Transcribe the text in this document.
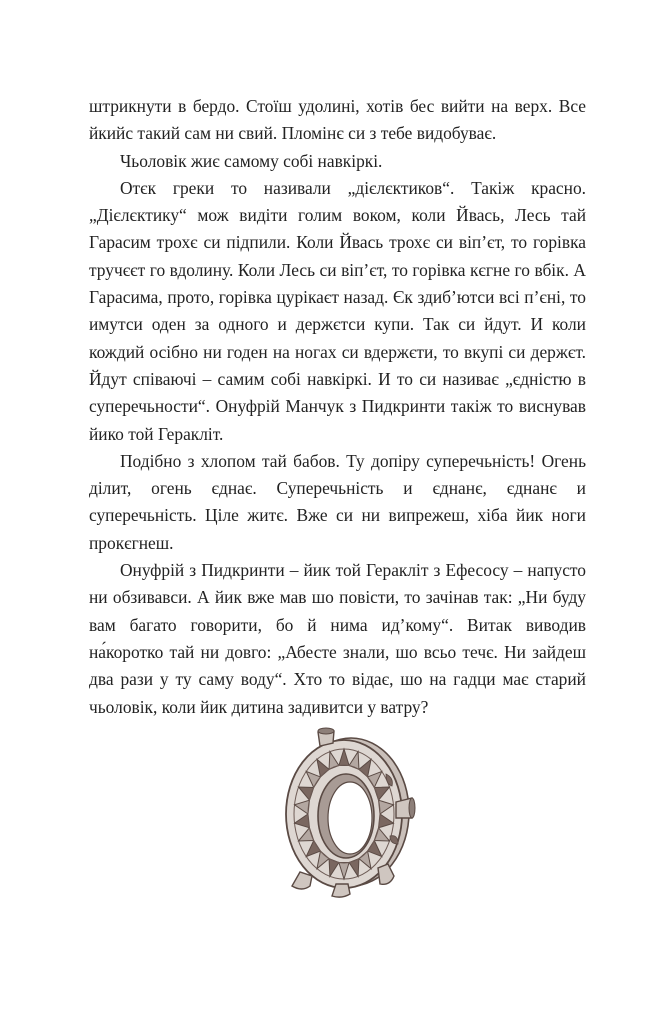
штрикнути в бердо. Стоїш удолині, хотів бес вийти на верх. Все йкийс такий сам ни свий. Пломінє си з тебе видобуває.

Чьоловік жиє самому собі навкіркі.

Отєк греки то називали „дієлєктиков“. Такіж красно. „Дієлєктику“ мож видіти голим воком, коли Йвась, Лесь тай Гарасим трохє си підпили. Коли Йвась трохє си віп’єт, то горівка тручєєт го вдолину. Коли Лесь си віп’єт, то горівка кєгне го вбік. А Гарасима, прото, горівка цурікаєт назад. Єк здиб’ютси всі п’єні, то имутси оден за одного и держєтси купи. Так си йдут. И коли кождий осібно ни годен на ногах си вдержєти, то вкупі си держєт. Йдут співаючі – самим собі навкіркі. И то си називає „єдністю в суперечьности“. Онуфрій Манчук з Пидкринти такіж то виснував йико той Геракліт.

Подібно з хлопом тай бабов. Ту допіру суперечьність! Огень ділит, огень єднає. Суперечьність и єднанє, єднанє и суперечьність. Ціле житє. Вже си ни випрежеш, хіба йик ноги прокєгнеш.

Онуфрій з Пидкринти – йик той Геракліт з Ефесосу – напусто ни обзивавси. А йик вже мав шо повісти, то зачінав так: „Ни буду вам багато говорити, бо й нима ид’кому“. Витак виводив на́коротко тай ни довго: „Абесте знали, шо всьо течє. Ни зайдеш два рази у ту саму воду“. Хто то відає, шо на гадци має старий чьоловік, коли йик дитина задивитси у ватру?
